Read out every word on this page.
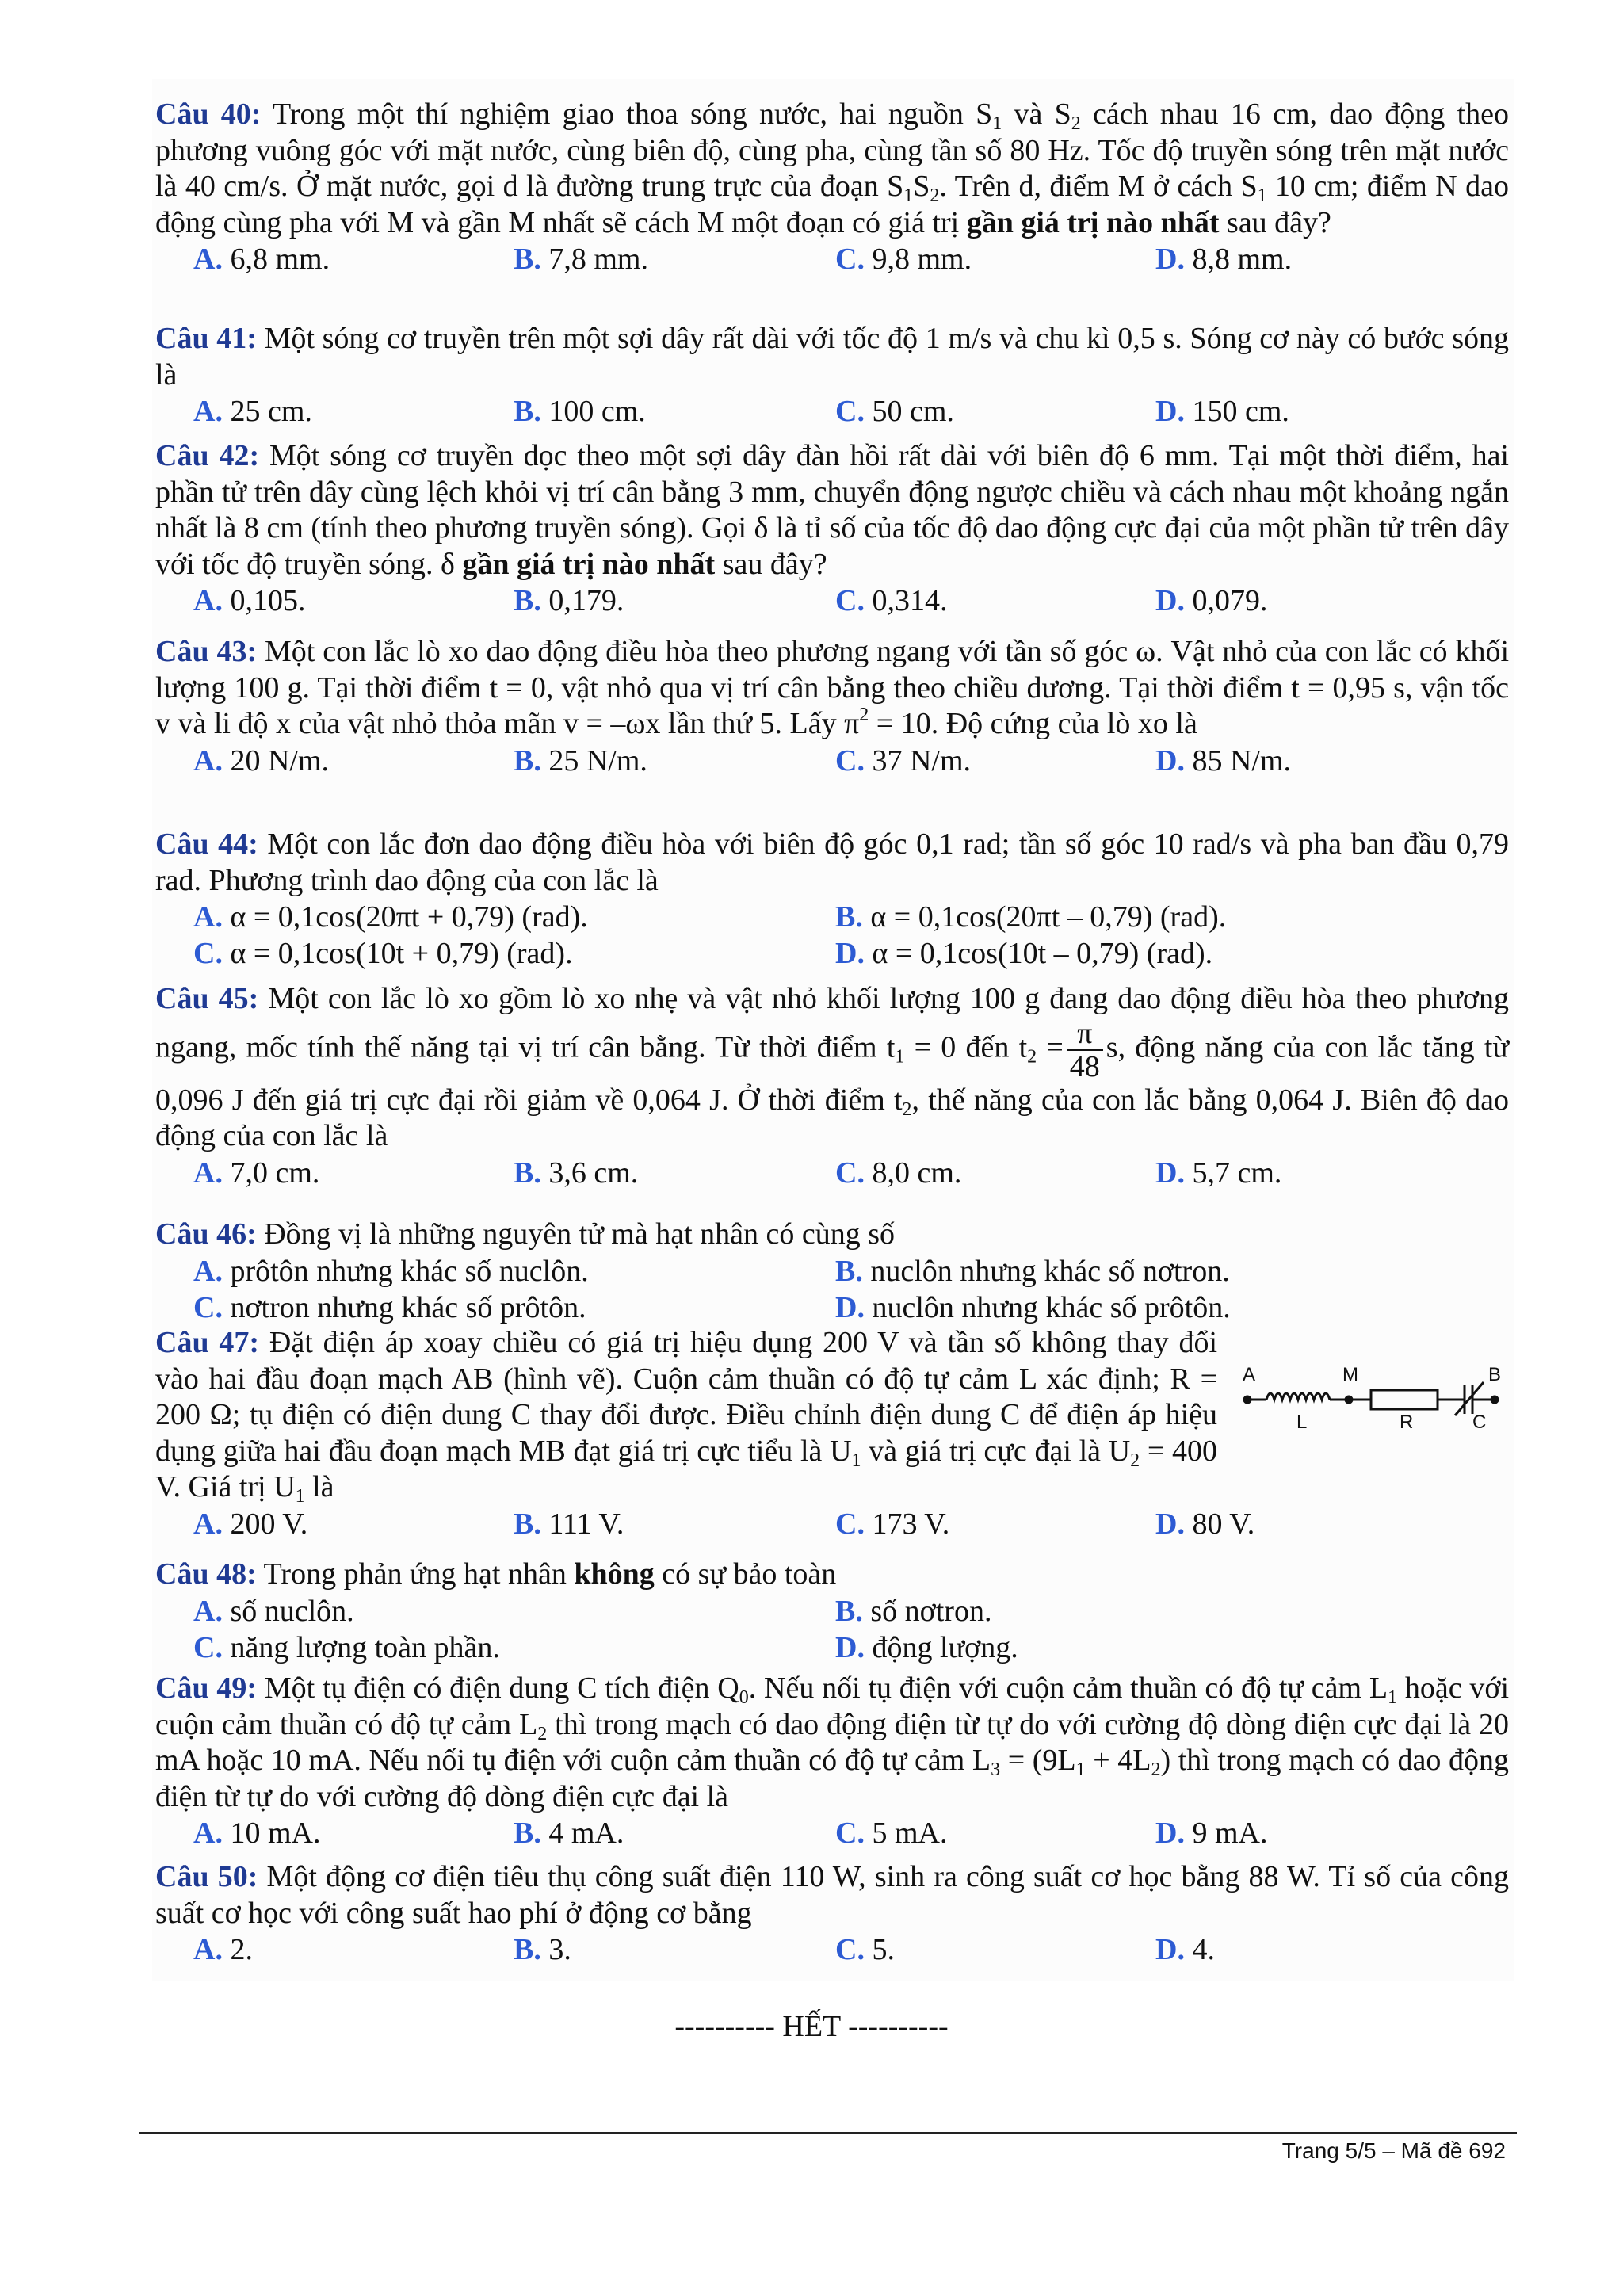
Câu 40: Trong một thí nghiệm giao thoa sóng nước, hai nguồn $S_1$ và $S_2$ cách nhau 16 cm, dao động theo phương vuông góc với mặt nước, cùng biên độ, cùng pha, cùng tần số 80 Hz. Tốc độ truyền sóng trên mặt nước là 40 cm/s. Ở mặt nước, gọi d là đường trung trực của đoạn $S_1S_2$. Trên d, điểm M ở cách $S_1$ 10 cm; điểm N dao động cùng pha với M và gần M nhất sẽ cách M một đoạn có giá trị gần giá trị nào nhất sau đây?

A. 6,8 mm.	B. 7,8 mm.	C. 9,8 mm.	D. 8,8 mm.

Câu 41: Một sóng cơ truyền trên một sợi dây rất dài với tốc độ 1 m/s và chu kì 0,5 s. Sóng cơ này có bước sóng là

A. 25 cm.	B. 100 cm.	C. 50 cm.	D. 150 cm.

Câu 42: Một sóng cơ truyền dọc theo một sợi dây đàn hồi rất dài với biên độ 6 mm. Tại một thời điểm, hai phần tử trên dây cùng lệch khỏi vị trí cân bằng 3 mm, chuyển động ngược chiều và cách nhau một khoảng ngắn nhất là 8 cm (tính theo phương truyền sóng). Gọi δ là tỉ số của tốc độ dao động cực đại của một phần tử trên dây với tốc độ truyền sóng. δ gần giá trị nào nhất sau đây?

A. 0,105.	B. 0,179.	C. 0,314.	D. 0,079.

Câu 43: Một con lắc lò xo dao động điều hòa theo phương ngang với tần số góc ω. Vật nhỏ của con lắc có khối lượng 100 g. Tại thời điểm t = 0, vật nhỏ qua vị trí cân bằng theo chiều dương. Tại thời điểm t = 0,95 s, vận tốc v và li độ x của vật nhỏ thỏa mãn v = –ωx lần thứ 5. Lấy $\pi^2 = 10$. Độ cứng của lò xo là

A. 20 N/m.	B. 25 N/m.	C. 37 N/m.	D. 85 N/m.

Câu 44: Một con lắc đơn dao động điều hòa với biên độ góc 0,1 rad; tần số góc 10 rad/s và pha ban đầu 0,79 rad. Phương trình dao động của con lắc là

A. α = 0,1cos(20πt + 0,79) (rad).	B. α = 0,1cos(20πt – 0,79) (rad).
C. α = 0,1cos(10t + 0,79) (rad).	D. α = 0,1cos(10t – 0,79) (rad).

Câu 45: Một con lắc lò xo gồm lò xo nhẹ và vật nhỏ khối lượng 100 g đang dao động điều hòa theo phương ngang, mốc tính thế năng tại vị trí cân bằng. Từ thời điểm $t_1 = 0$ đến $t_2 = \frac{\pi}{48} s$, động năng của con lắc tăng từ 0,096 J đến giá trị cực đại rồi giảm về 0,064 J. Ở thời điểm $t_2$, thế năng của con lắc bằng 0,064 J. Biên độ dao động của con lắc là

A. 7,0 cm.	B. 3,6 cm.	C. 8,0 cm.	D. 5,7 cm.

Câu 46: Đồng vị là những nguyên tử mà hạt nhân có cùng số

A. prôtôn nhưng khác số nuclôn.	B. nuclôn nhưng khác số nơtron.
C. nơtron nhưng khác số prôtôn.	D. nuclôn nhưng khác số prôtôn.

Câu 47: Đặt điện áp xoay chiều có giá trị hiệu dụng 200 V và tần số không thay đổi vào hai đầu đoạn mạch AB (hình vẽ). Cuộn cảm thuần có độ tự cảm L xác định; R = 200 Ω; tụ điện có điện dung C thay đổi được. Điều chỉnh điện dung C để điện áp hiệu dụng giữa hai đầu đoạn mạch MB đạt giá trị cực tiểu là $U_1$ và giá trị cực đại là $U_2 = 400$ V. Giá trị $U_1$ là

A. 200 V.	B. 111 V.	C. 173 V.	D. 80 V.
A	M	B
L	R	C

Câu 48: Trong phản ứng hạt nhân không có sự bảo toàn

A. số nuclôn.	B. số nơtron.
C. năng lượng toàn phần.	D. động lượng.

Câu 49: Một tụ điện có điện dung C tích điện $Q_0$. Nếu nối tụ điện với cuộn cảm thuần có độ tự cảm $L_1$ hoặc với cuộn cảm thuần có độ tự cảm $L_2$ thì trong mạch có dao động điện từ tự do với cường độ dòng điện cực đại là 20 mA hoặc 10 mA. Nếu nối tụ điện với cuộn cảm thuần có độ tự cảm $L_3 = (9L_1 + 4L_2)$ thì trong mạch có dao động điện từ tự do với cường độ dòng điện cực đại là

A. 10 mA.	B. 4 mA.	C. 5 mA.	D. 9 mA.

Câu 50: Một động cơ điện tiêu thụ công suất điện 110 W, sinh ra công suất cơ học bằng 88 W. Tỉ số của công suất cơ học với công suất hao phí ở động cơ bằng

A. 2.	B. 3.	C. 5.	D. 4.
---------- HẾT ----------
Trang 5/5 – Mã đề 692
